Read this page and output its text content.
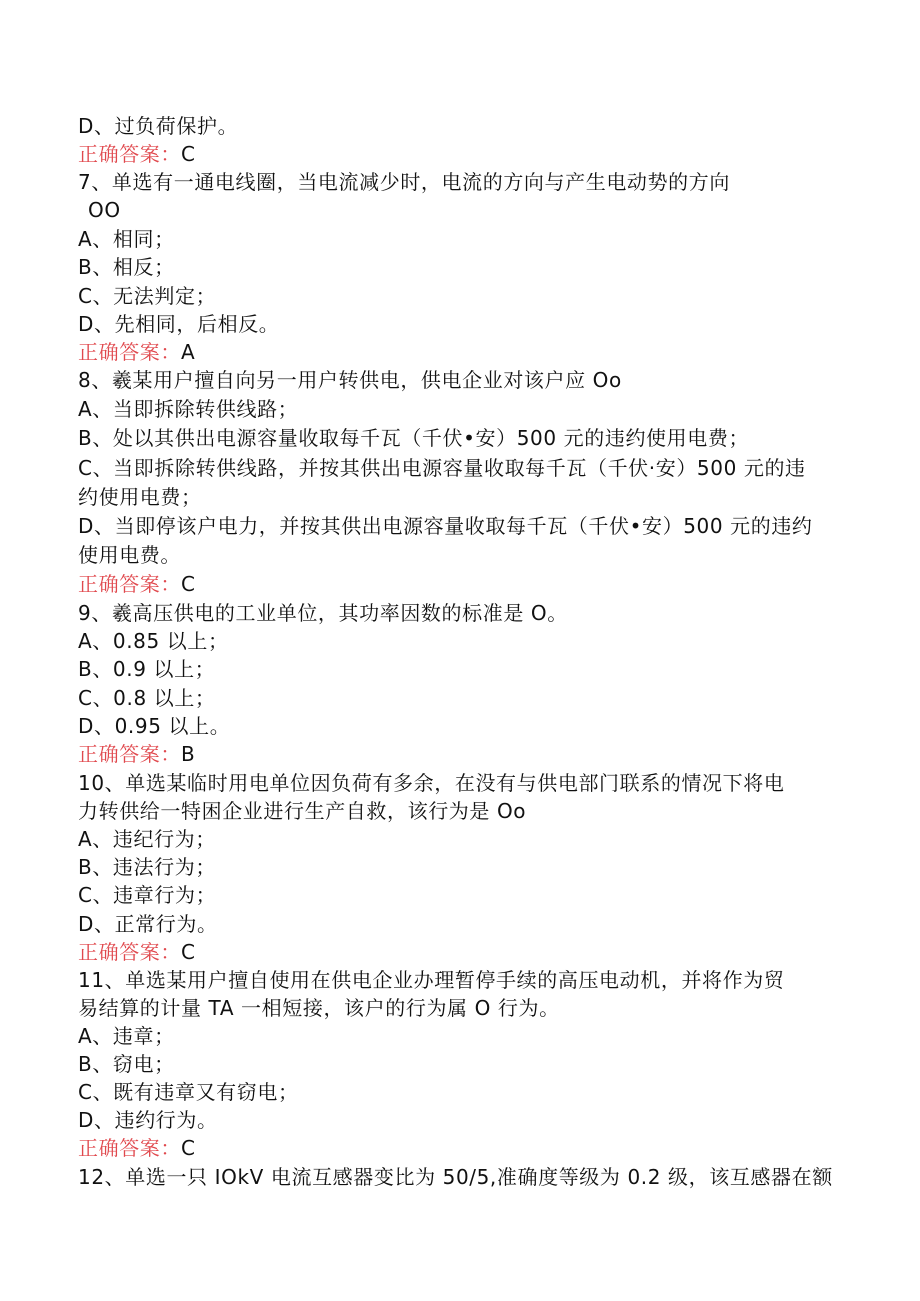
D、过负荷保护。
正确答案：C
7、单选有一通电线圈，当电流减少时，电流的方向与产生电动势的方向
OO
A、相同；
B、相反；
C、无法判定；
D、先相同，后相反。
正确答案：A
8、羲某用户擅自向另一用户转供电，供电企业对该户应 Oo
A、当即拆除转供线路；
B、处以其供出电源容量收取每千瓦（千伏•安）500 元的违约使用电费；
C、当即拆除转供线路，并按其供出电源容量收取每千瓦（千伏·安）500 元的违
约使用电费；
D、当即停该户电力，并按其供出电源容量收取每千瓦（千伏•安）500 元的违约
使用电费。
正确答案：C
9、羲高压供电的工业单位，其功率因数的标准是 O。
A、0.85 以上；
B、0.9 以上；
C、0.8 以上；
D、0.95 以上。
正确答案：B
10、单选某临时用电单位因负荷有多余，在没有与供电部门联系的情况下将电
力转供给一特困企业进行生产自救，该行为是 Oo
A、违纪行为；
B、违法行为；
C、违章行为；
D、正常行为。
正确答案：C
11、单选某用户擅自使用在供电企业办理暂停手续的高压电动机，并将作为贸
易结算的计量 TA 一相短接，该户的行为属 O 行为。
A、违章；
B、窃电；
C、既有违章又有窃电；
D、违约行为。
正确答案：C
12、单选一只 IOkV 电流互感器变比为 50/5,准确度等级为 0.2 级，该互感器在额
